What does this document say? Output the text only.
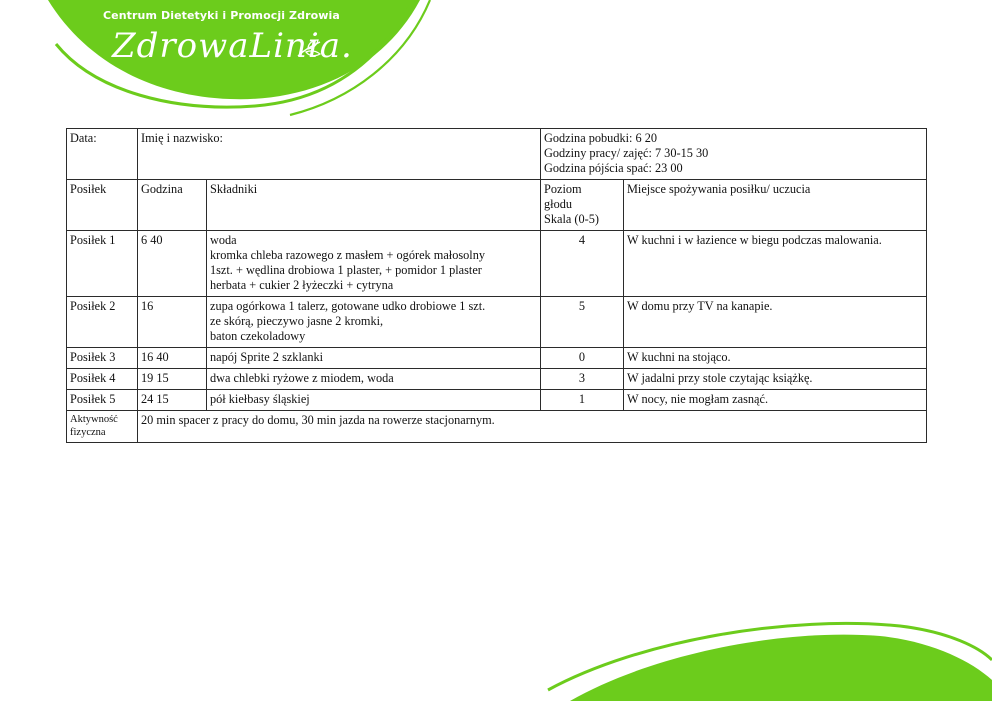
Centrum Dietetyki i Promocji Zdrowia
ZdrowaLinia.
Data:	Imię i nazwisko:		Godzina pobudki: 6 20
Godziny pracy/ zajęć: 7 30-15 30
Godzina pójścia spać: 23 00	

Posiłek	Godzina	Składniki	Poziom
głodu
Skala (0-5)	Miejsce spożywania posiłku/ uczucia
Posiłek 1	6 40	woda
kromka chleba razowego z masłem + ogórek małosolny
1szt. + wędlina drobiowa 1 plaster, + pomidor 1 plaster
herbata + cukier 2 łyżeczki + cytryna	4	W kuchni i w łazience w biegu podczas malowania.
Posiłek 2	16	zupa ogórkowa 1 talerz, gotowane udko drobiowe 1 szt.
ze skórą, pieczywo jasne 2 kromki,
baton czekoladowy	5	W domu przy TV na kanapie.
Posiłek 3	16 40	napój Sprite 2 szklanki	0	W kuchni na stojąco.
Posiłek 4	19 15	dwa chlebki ryżowe z miodem, woda	3	W jadalni przy stole czytając książkę.
Posiłek 5	24 15	pół kiełbasy śląskiej	1	W nocy, nie mogłam zasnąć.
Aktywność
fizyczna	20 min spacer z pracy do domu, 30 min jazda na rowerze stacjonarnym.			
